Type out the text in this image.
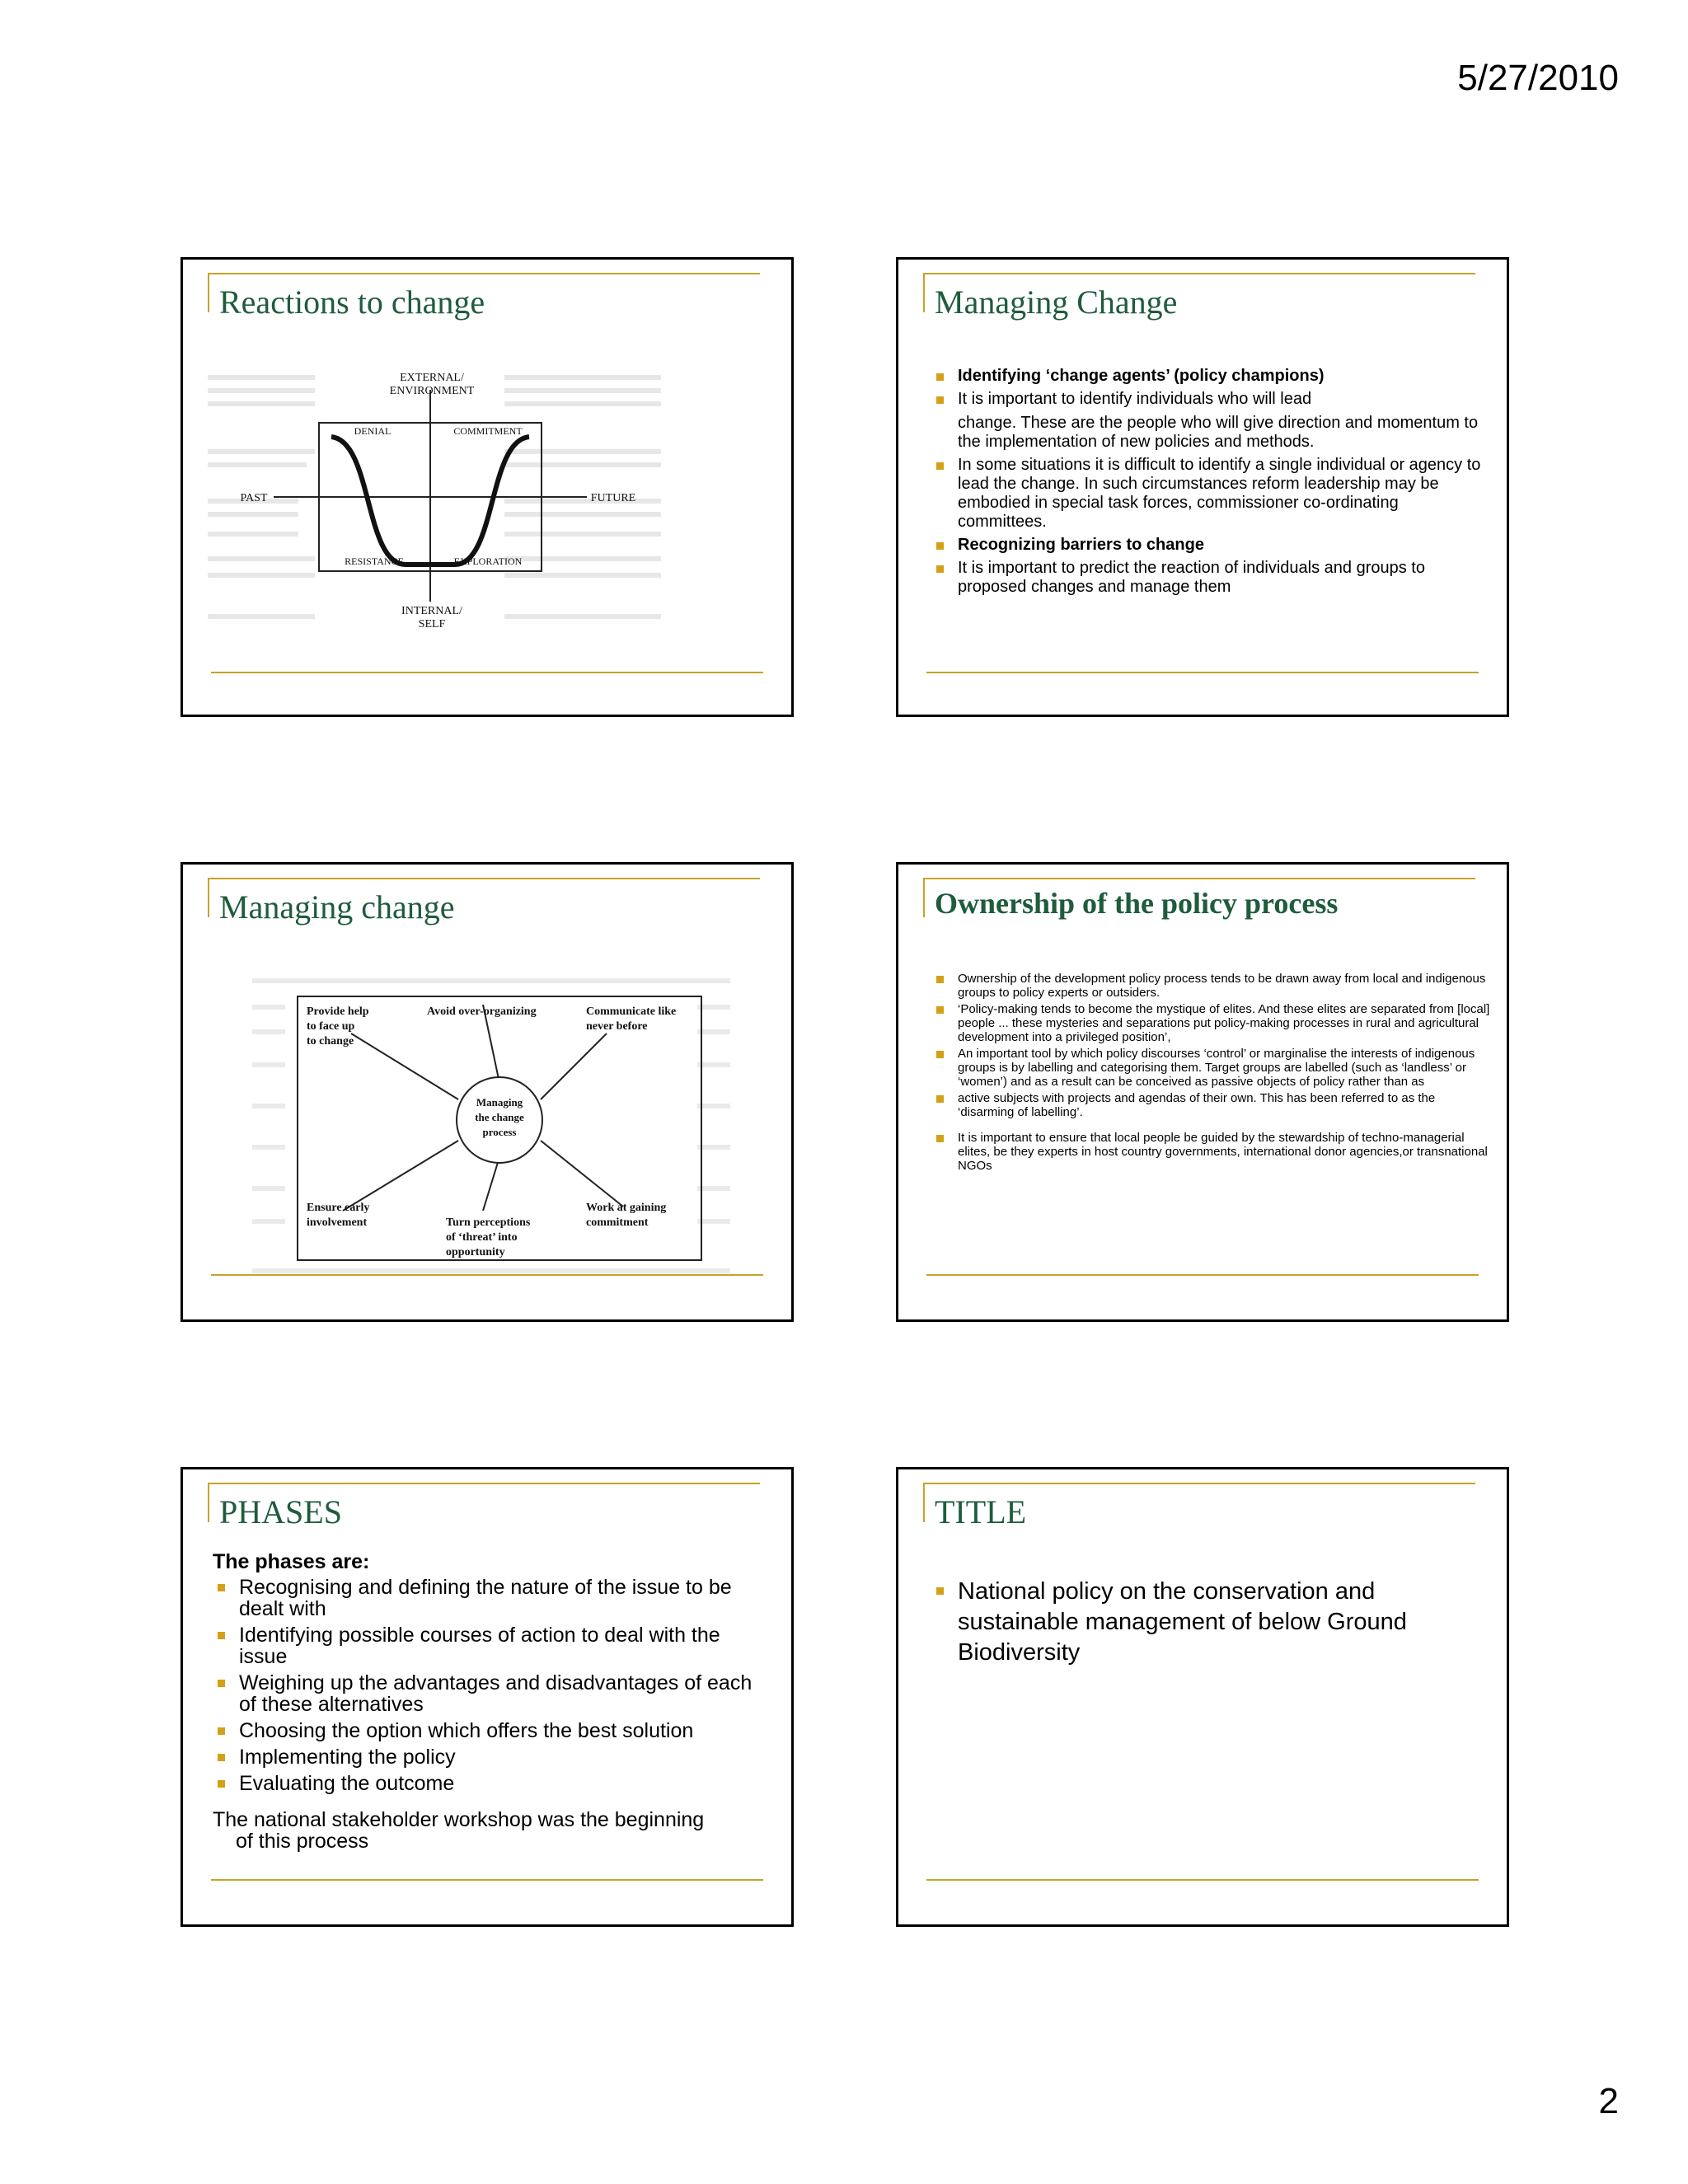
5/27/2010
Reactions to change
EXTERNAL/
ENVIRONMENT
DENIAL	COMMITMENT
RESISTANCE	EXPLORATION
PAST	FUTURE
INTERNAL/
SELF
Managing Change
Identifying ‘change agents’ (policy champions)
It is important to identify individuals who will lead
change. These are the people who will give direction and momentum to the implementation of new policies and methods.
In some situations it is difficult to identify a single individual or agency to lead the change. In such circumstances reform leadership may be embodied in special task forces, commissioner co-ordinating committees.
Recognizing barriers to change
It is important to predict the reaction of individuals and groups to proposed changes and manage them
Managing change
Managing
the change
process
Provide help
to face up
to change
Avoid over-organizing	Communicate like
never before
Ensure early
involvement	Turn perceptions
of ‘threat’ into
opportunity
Work at gaining
commitment
Ownership of the policy process
Ownership of the development policy process tends to be drawn away from local and indigenous groups to policy experts or outsiders.
‘Policy-making tends to become the mystique of elites. And these elites are separated from [local] people ... these mysteries and separations put policy-making processes in rural and agricultural development into a privileged position’,
An important tool by which policy discourses ‘control’ or marginalise the interests of indigenous groups is by labelling and categorising them. Target groups are labelled (such as ‘landless’ or ‘women’) and as a result can be conceived as passive objects of policy rather than as
active subjects with projects and agendas of their own. This has been referred to as the ‘disarming of labelling’.
It is important to ensure that local people be guided by the stewardship of techno-managerial elites, be they experts in host country governments, international donor agencies,or transnational NGOs
PHASES
The phases are:
Recognising and defining the nature of the issue to be dealt with
Identifying possible courses of action to deal with the issue
Weighing up the advantages and disadvantages of each of these alternatives
Choosing the option which offers the best solution
Implementing the policy
Evaluating the outcome
The national stakeholder workshop was the beginning
of this process
TITLE
National policy on the conservation and sustainable management of below Ground Biodiversity
2
